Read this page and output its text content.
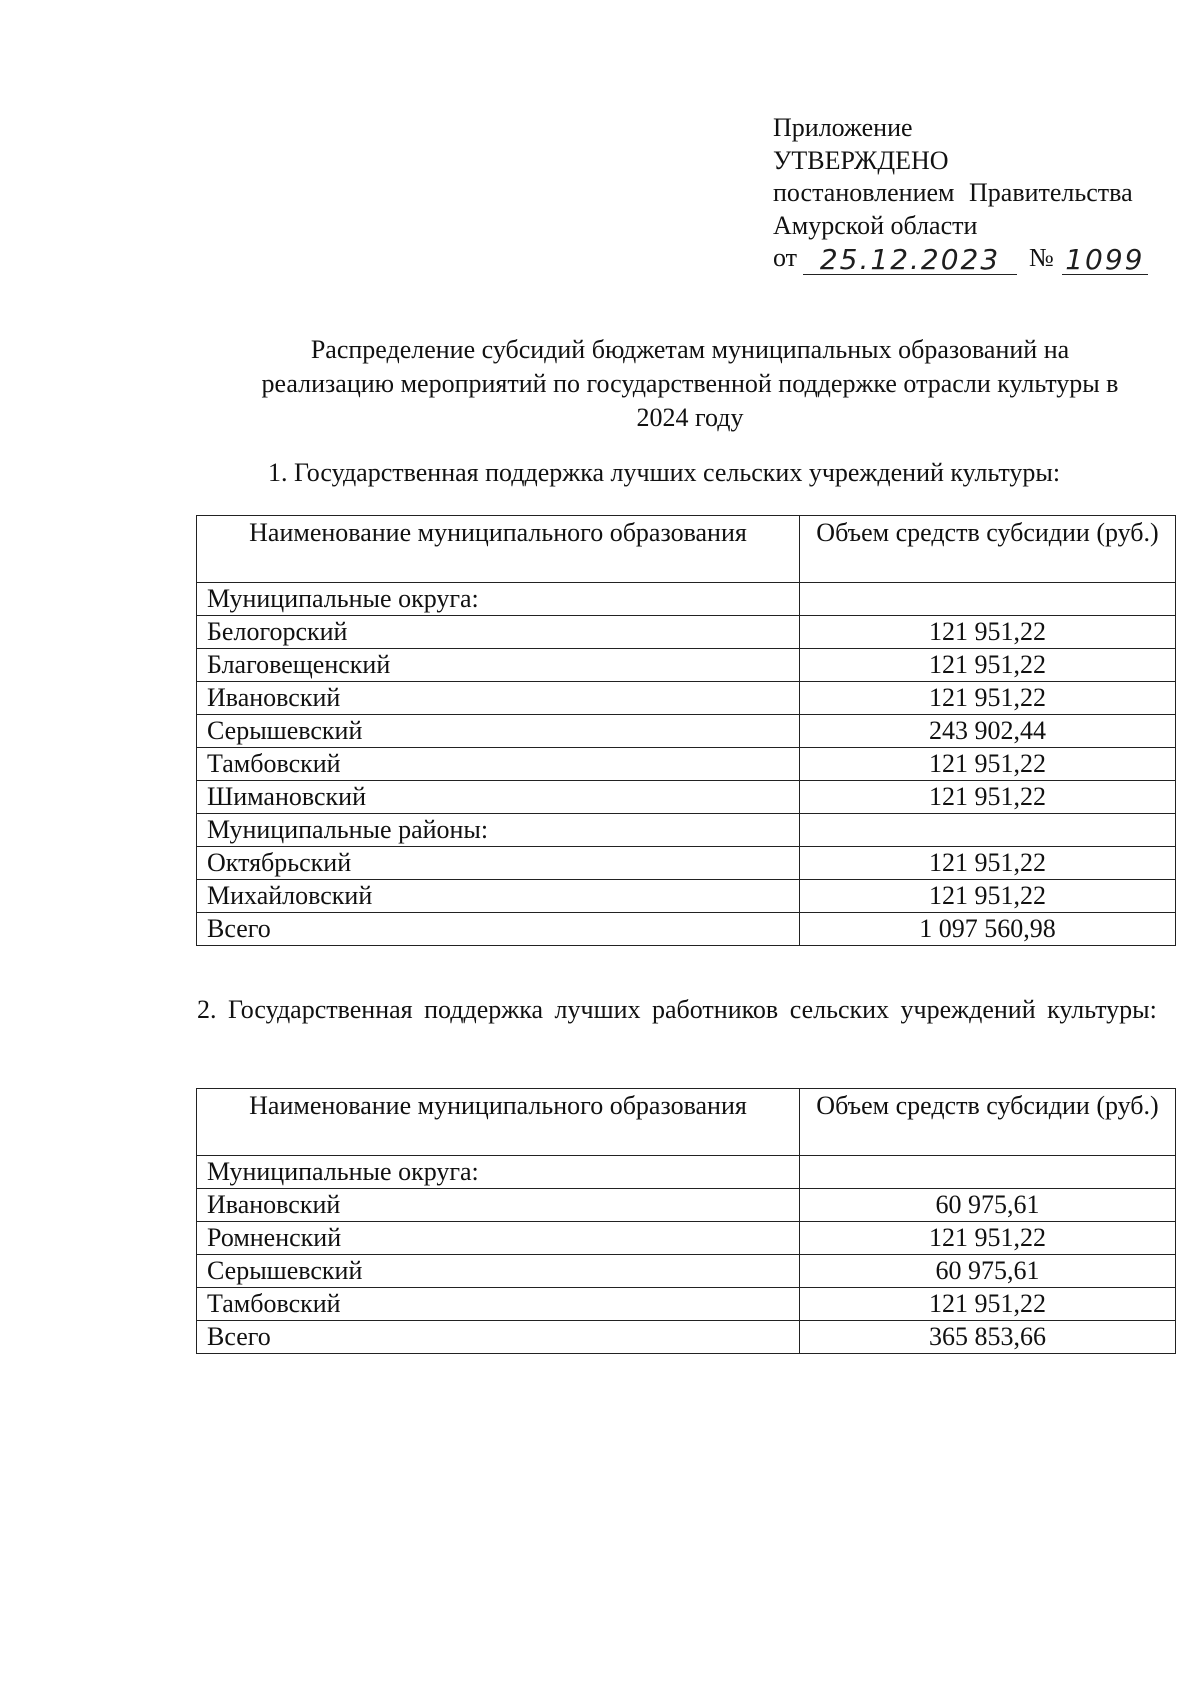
Приложение
УТВЕРЖДЕНО
постановлением Правительства
Амурской области
от 25.12.2023	№ 1099
Распределение субсидий бюджетам муниципальных образований на
реализацию мероприятий по государственной поддержке отрасли культуры в
2024 году
1. Государственная поддержка лучших сельских учреждений культуры:
Наименование муниципального образования	Объем средств субсидии (руб.)
Муниципальные округа:	
Белогорский	121 951,22
Благовещенский	121 951,22
Ивановский	121 951,22
Серышевский	243 902,44
Тамбовский	121 951,22
Шимановский	121 951,22
Муниципальные районы:	
Октябрьский	121 951,22
Михайловский	121 951,22
Всего	1 097 560,98
2. Государственная поддержка лучших работников сельских учреждений культуры:
Наименование муниципального образования	Объем средств субсидии (руб.)
Муниципальные округа:	
Ивановский	60 975,61
Ромненский	121 951,22
Серышевский	60 975,61
Тамбовский	121 951,22
Всего	365 853,66
